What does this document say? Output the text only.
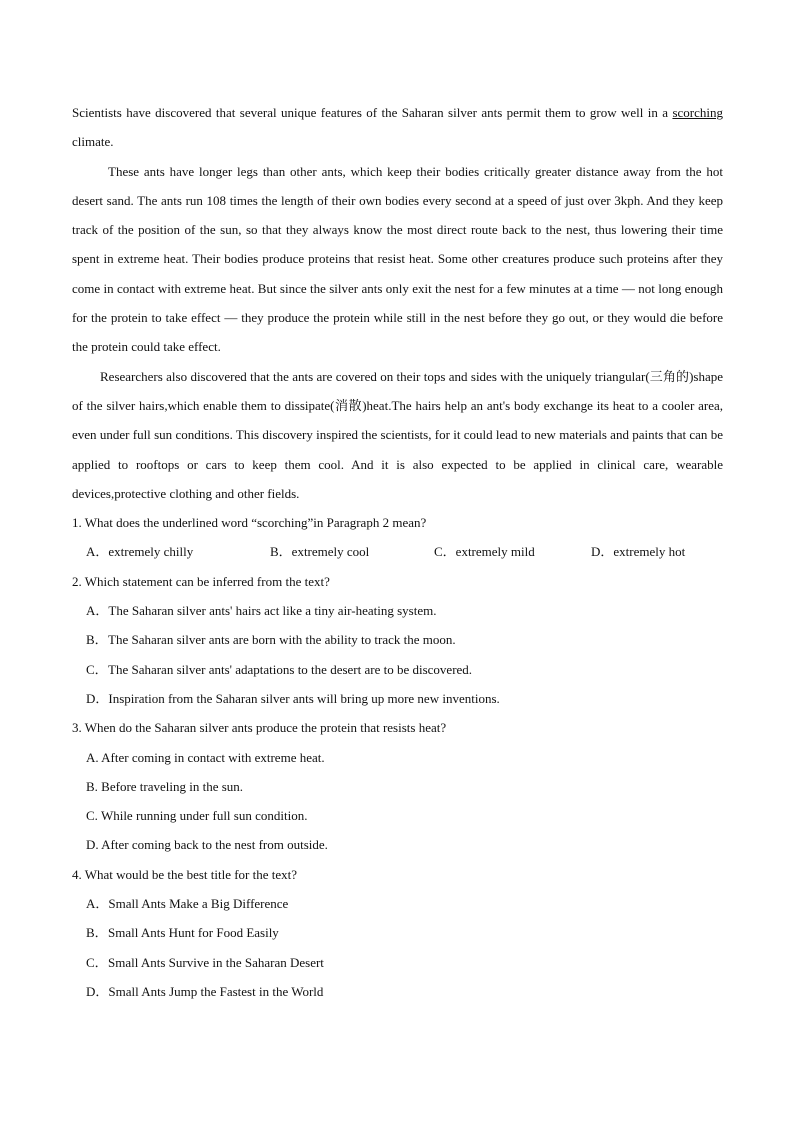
Scientists have discovered that several unique features of the Saharan silver ants permit them to grow well in a scorching climate.

These ants have longer legs than other ants, which keep their bodies critically greater distance away from the hot desert sand. The ants run 108 times the length of their own bodies every second at a speed of just over 3kph. And they keep track of the position of the sun, so that they always know the most direct route back to the nest, thus lowering their time spent in extreme heat. Their bodies produce proteins that resist heat. Some other creatures produce such proteins after they come in contact with extreme heat. But since the silver ants only exit the nest for a few minutes at a time — not long enough for the protein to take effect — they produce the protein while still in the nest before they go out, or they would die before the protein could take effect.

Researchers also discovered that the ants are covered on their tops and sides with the uniquely triangular(三角的)shape of the silver hairs,which enable them to dissipate(消散)heat.The hairs help an ant's body exchange its heat to a cooler area, even under full sun conditions. This discovery inspired the scientists, for it could lead to new materials and paints that can be applied to rooftops or cars to keep them cool. And it is also expected to be applied in clinical care, wearable devices,protective clothing and other fields.

1. What does the underlined word “scorching”in Paragraph 2 mean?

A．extremely chilly	B．extremely cool	C．extremely mild	D．extremely hot

2. Which statement can be inferred from the text?

A．The Saharan silver ants' hairs act like a tiny air-heating system.
B．The Saharan silver ants are born with the ability to track the moon.
C．The Saharan silver ants' adaptations to the desert are to be discovered.
D．Inspiration from the Saharan silver ants will bring up more new inventions.

3. When do the Saharan silver ants produce the protein that resists heat?

A. After coming in contact with extreme heat.
B. Before traveling in the sun.
C. While running under full sun condition.
D. After coming back to the nest from outside.

4. What would be the best title for the text?

A．Small Ants Make a Big Difference
B．Small Ants Hunt for Food Easily
C．Small Ants Survive in the Saharan Desert
D．Small Ants Jump the Fastest in the World
